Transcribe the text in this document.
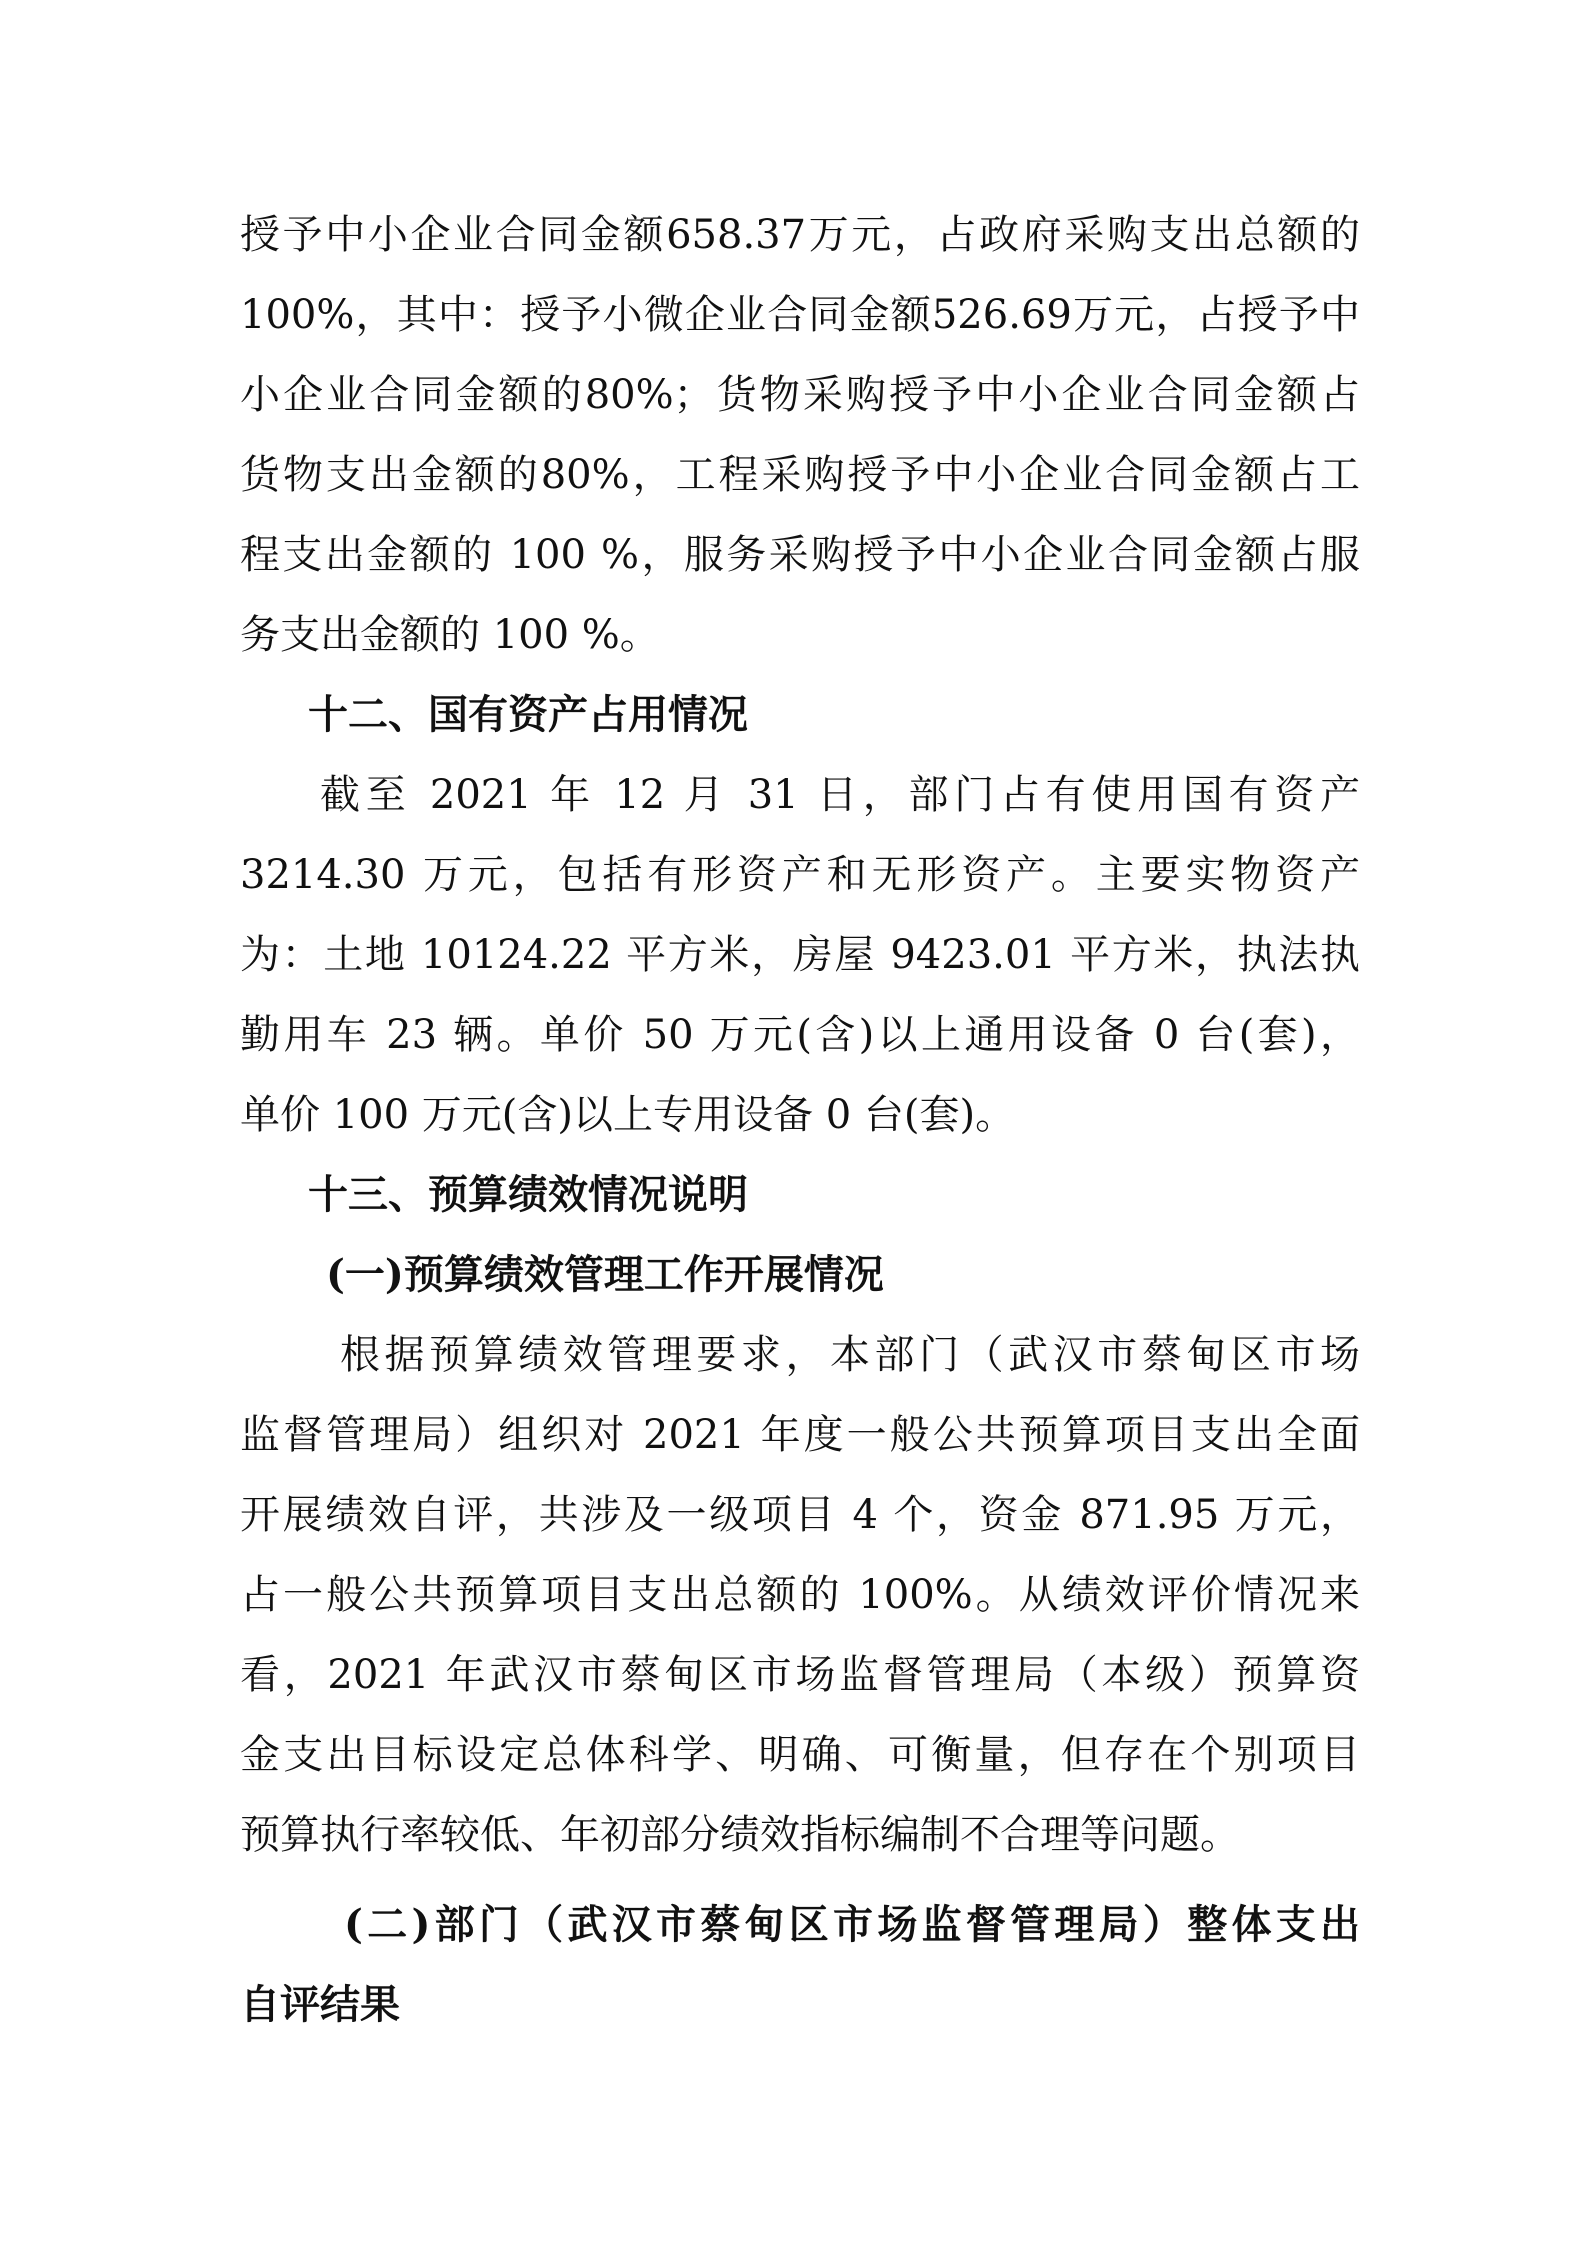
授予中小企业合同金额658.37万元，占政府采购支出总额的
100%，其中：授予小微企业合同金额526.69万元，占授予中
小企业合同金额的80%；货物采购授予中小企业合同金额占
货物支出金额的80%，工程采购授予中小企业合同金额占工
程支出金额的 100 %，服务采购授予中小企业合同金额占服
务支出金额的 100 %。
十二、国有资产占用情况
截至 2021 年 12 月 31 日，部门占有使用国有资产
3214.30 万元，包括有形资产和无形资产。主要实物资产
为：土地 10124.22 平方米，房屋 9423.01 平方米，执法执
勤用车 23 辆。单价 50 万元(含)以上通用设备 0 台(套)，
单价 100 万元(含)以上专用设备 0 台(套)。
十三、预算绩效情况说明
(一)预算绩效管理工作开展情况
根据预算绩效管理要求，本部门（武汉市蔡甸区市场
监督管理局）组织对 2021 年度一般公共预算项目支出全面
开展绩效自评，共涉及一级项目 4 个，资金 871.95 万元，
占一般公共预算项目支出总额的 100%。从绩效评价情况来
看，2021 年武汉市蔡甸区市场监督管理局（本级）预算资
金支出目标设定总体科学、明确、可衡量，但存在个别项目
预算执行率较低、年初部分绩效指标编制不合理等问题。
(二)部门（武汉市蔡甸区市场监督管理局）整体支出
自评结果
